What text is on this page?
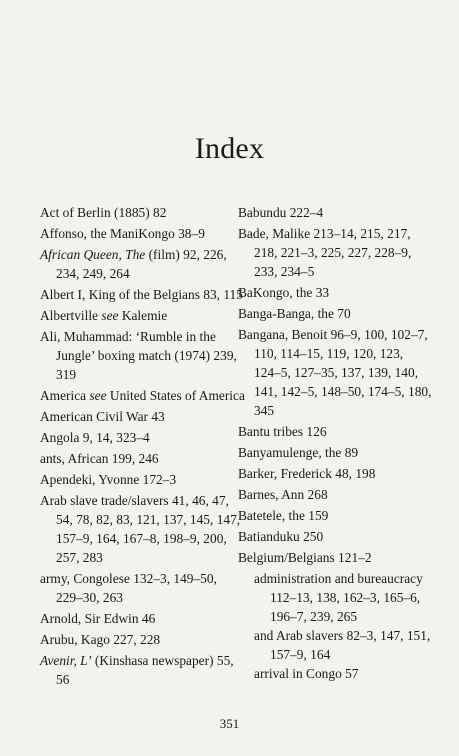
Index
Act of Berlin (1885) 82
Affonso, the ManiKongo 38–9
African Queen, The (film) 92, 226, 234, 249, 264
Albert I, King of the Belgians 83, 115
Albertville see Kalemie
Ali, Muhammad: ‘Rumble in the Jungle’ boxing match (1974) 239, 319
America see United States of America
American Civil War 43
Angola 9, 14, 323–4
ants, African 199, 246
Apendeki, Yvonne 172–3
Arab slave trade/slavers 41, 46, 47, 54, 78, 82, 83, 121, 137, 145, 147, 157–9, 164, 167–8, 198–9, 200, 257, 283
army, Congolese 132–3, 149–50, 229–30, 263
Arnold, Sir Edwin 46
Arubu, Kago 227, 228
Avenir, L’ (Kinshasa newspaper) 55, 56
Babundu 222–4
Bade, Malike 213–14, 215, 217, 218, 221–3, 225, 227, 228–9, 233, 234–5
BaKongo, the 33
Banga-Banga, the 70
Bangana, Benoit 96–9, 100, 102–7, 110, 114–15, 119, 120, 123, 124–5, 127–35, 137, 139, 140, 141, 142–5, 148–50, 174–5, 180, 345
Bantu tribes 126
Banyamulenge, the 89
Barker, Frederick 48, 198
Barnes, Ann 268
Batetele, the 159
Batianduku 250
Belgium/Belgians 121–2
administration and bureaucracy 112–13, 138, 162–3, 165–6, 196–7, 239, 265
and Arab slavers 82–3, 147, 151, 157–9, 164
arrival in Congo 57
351
